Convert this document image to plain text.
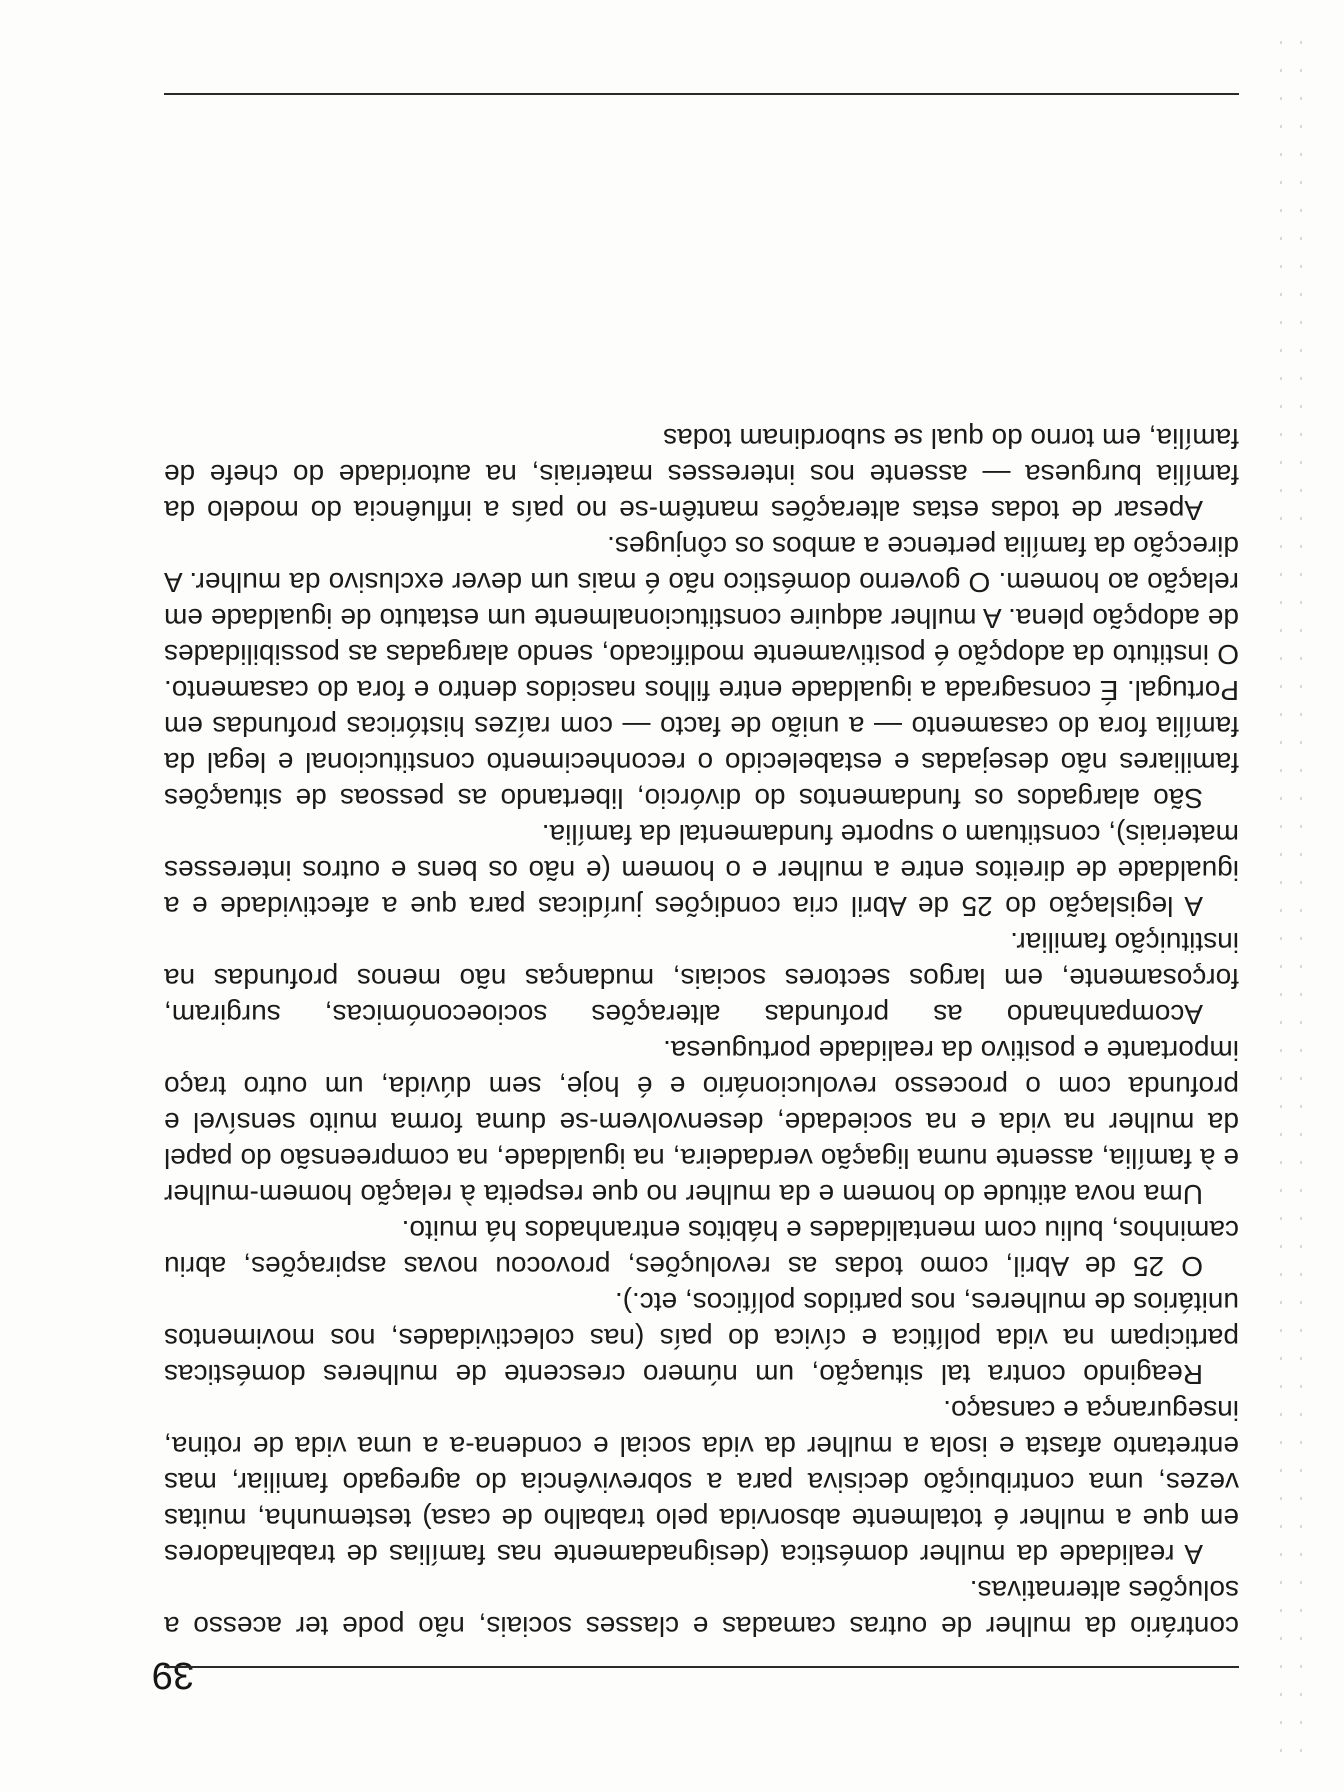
39

contrário da mulher de outras camadas e classes sociais, não pode ter acesso a soluções alternativas.

A realidade da mulher doméstica (designadamente nas famílias de trabalhadores em que a mulher é totalmente absorvida pelo trabalho de casa) testemunha, muitas vezes, uma contribuição decisiva para a sobrevivência do agregado familiar, mas entretanto afasta e isola a mulher da vida social e condena-a a uma vida de rotina, insegurança e cansaço.

Reagindo contra tal situação, um número crescente de mulheres domésticas participam na vida política e cívica do país (nas colectividades, nos movimentos unitários de mulheres, nos partidos políticos, etc.).

O 25 de Abril, como todas as revoluções, provocou novas aspirações, abriu caminhos, buliu com mentalidades e hábitos entranhados há muito.

Uma nova atitude do homem e da mulher no que respeita à relação homem-mulher e à família, assente numa ligação verdadeira, na igualdade, na compreensão do papel da mulher na vida e na sociedade, desenvolvem-se duma forma muito sensível e profunda com o processo revolucionário e é hoje, sem dúvida, um outro traço importante e positivo da realidade portuguesa.

Acompanhando as profundas alterações socioeconómicas, surgiram, forçosamente, em largos sectores sociais, mudanças não menos profundas na instituição familiar.

A legislação do 25 de Abril cria condições jurídicas para que a afectividade e a igualdade de direitos entre a mulher e o homem (e não os bens e outros interesses materiais), constituam o suporte fundamental da família.

São alargados os fundamentos do divórcio, libertando as pessoas de situações familiares não desejadas e estabelecido o reconhecimento constitucional e legal da família fora do casamento — a união de facto — com raízes históricas profundas em Portugal. É consagrada a igualdade entre filhos nascidos dentro e fora do casamento. O instituto da adopção é positivamente modificado, sendo alargadas as possibilidades de adopção plena. A mulher adquire constitucionalmente um estatuto de igualdade em relação ao homem. O governo doméstico não é mais um dever exclusivo da mulher. A direcção da família pertence a ambos os cônjuges.

Apesar de todas estas alterações mantêm-se no país a influência do modelo da família burguesa — assente nos interesses materiais, na autoridade do chefe de família, em torno do qual se subordinam todas
